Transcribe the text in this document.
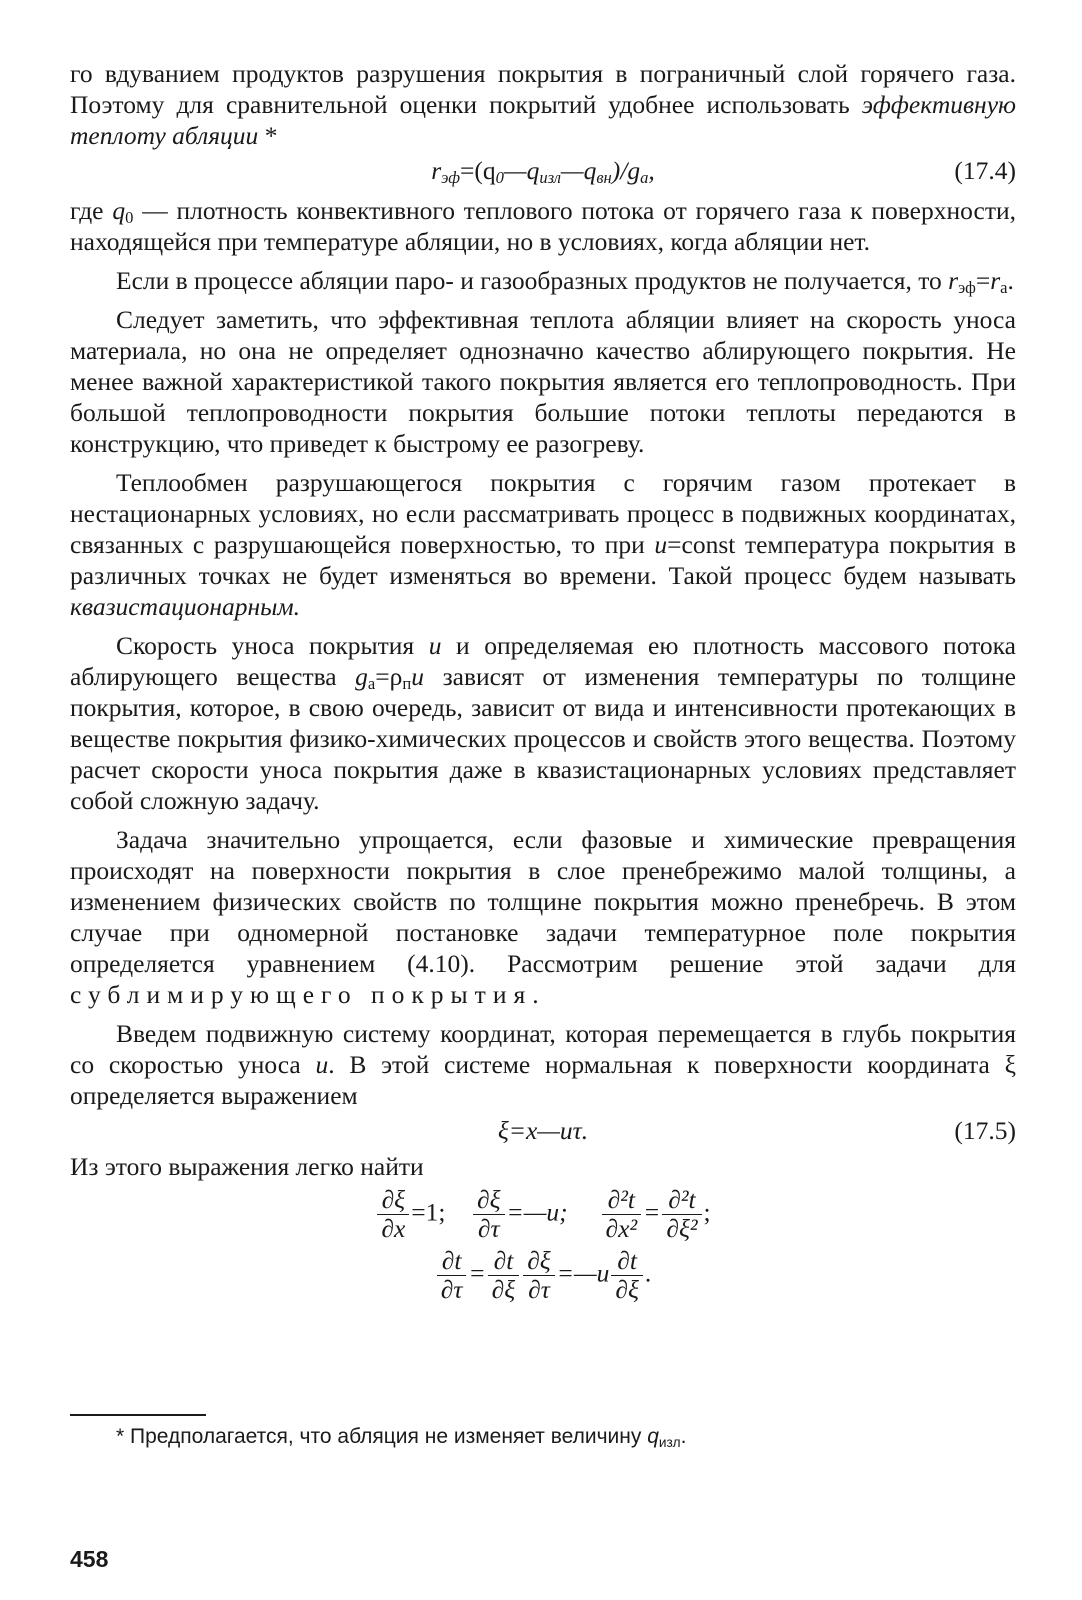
го вдуванием продуктов разрушения покрытия в пограничный слой горячего газа. Поэтому для сравнительной оценки покрытий удобнее использовать эффективную теплоту абляции *

$r_{эф}=(q_0—q_{изл}—q_{вн})/g_а$,	(17.4)

где $q_0$ — плотность конвективного теплового потока от горячего газа к поверхности, находящейся при температуре абляции, но в условиях, когда абляции нет.

Если в процессе абляции паро- и газообразных продуктов не получается, то $r_{эф}=r_а$.

Следует заметить, что эффективная теплота абляции влияет на скорость уноса материала, но она не определяет однозначно качество аблирующего покрытия. Не менее важной характеристикой такого покрытия является его теплопроводность. При большой теплопроводности покрытия большие потоки теплоты передаются в конструкцию, что приведет к быстрому ее разогреву.

Теплообмен разрушающегося покрытия с горячим газом протекает в нестационарных условиях, но если рассматривать процесс в подвижных координатах, связанных с разрушающейся поверхностью, то при u=const температура покрытия в различных точках не будет изменяться во времени. Такой процесс будем называть квазистационарным.

Скорость уноса покрытия u и определяемая ею плотность массового потока аблирующего вещества $g_а=\rho_пu$ зависят от изменения температуры по толщине покрытия, которое, в свою очередь, зависит от вида и интенсивности протекающих в веществе покрытия физико-химических процессов и свойств этого вещества. Поэтому расчет скорости уноса покрытия даже в квазистационарных условиях представляет собой сложную задачу.

Задача значительно упрощается, если фазовые и химические превращения происходят на поверхности покрытия в слое пренебрежимо малой толщины, а изменением физических свойств по толщине покрытия можно пренебречь. В этом случае при одномерной постановке задачи температурное поле покрытия определяется уравнением (4.10). Рассмотрим решение этой задачи для сублимирующего покрытия.

Введем подвижную систему координат, которая перемещается в глубь покрытия со скоростью уноса u. В этой системе нормальная к поверхности координата ξ определяется выражением

ξ=x—uτ.	(17.5)

Из этого выражения легко найти

$\frac{\partial\xi}{\partial x} =1$; $\frac{\partial\xi}{\partial\tau}$ =—u; $\frac{\text{∂²t}}{\text{∂x²}} = \frac{\text{∂²t}}{\text{∂ξ²}}$ ;
$\frac{\partial t}{\partial\tau} = \frac{\partial t}{\partial\xi} \frac{\partial\xi}{\partial\tau}$ =—u $\frac{\partial t}{\partial\xi}$ .
* Предполагается, что абляция не изменяет величину $q_{изл}$.
458
